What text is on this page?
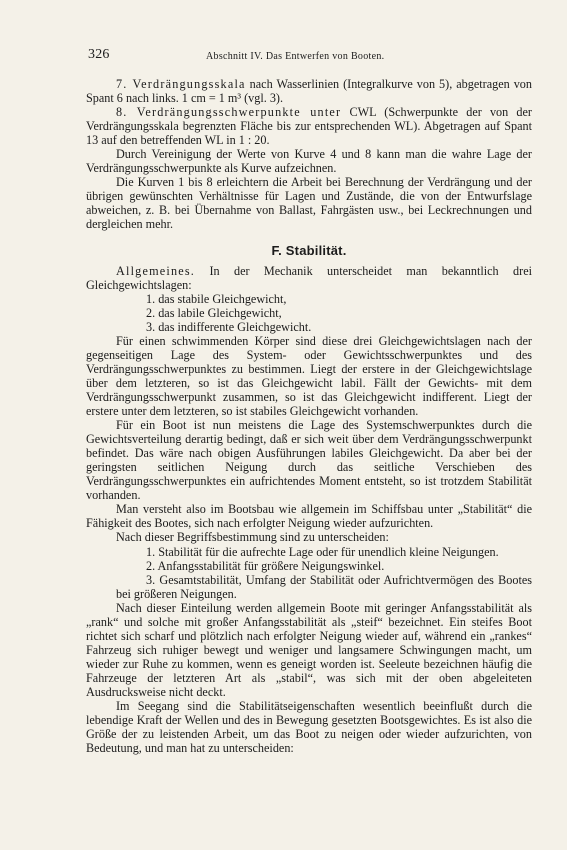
326	Abschnitt IV. Das Entwerfen von Booten.

7. Verdrängungsskala nach Wasserlinien (Integralkurve von 5), abgetragen von Spant 6 nach links. 1 cm = 1 m³ (vgl. 3).

8. Verdrängungsschwerpunkte unter CWL (Schwerpunkte der von der Verdrängungsskala begrenzten Fläche bis zur entsprechenden WL). Abgetragen auf Spant 13 auf den betreffenden WL in 1 : 20.

Durch Vereinigung der Werte von Kurve 4 und 8 kann man die wahre Lage der Verdrängungsschwerpunkte als Kurve aufzeichnen.

Die Kurven 1 bis 8 erleichtern die Arbeit bei Berechnung der Verdrängung und der übrigen gewünschten Verhältnisse für Lagen und Zustände, die von der Entwurfslage abweichen, z. B. bei Übernahme von Ballast, Fahrgästen usw., bei Leckrechnungen und dergleichen mehr.

F. Stabilität.

Allgemeines. In der Mechanik unterscheidet man bekanntlich drei Gleichgewichtslagen:

1. das stabile Gleichgewicht,

2. das labile Gleichgewicht,

3. das indifferente Gleichgewicht.

Für einen schwimmenden Körper sind diese drei Gleichgewichtslagen nach der gegenseitigen Lage des System- oder Gewichtsschwerpunktes und des Verdrängungsschwerpunktes zu bestimmen. Liegt der erstere in der Gleichgewichtslage über dem letzteren, so ist das Gleichgewicht labil. Fällt der Gewichts- mit dem Verdrängungsschwerpunkt zusammen, so ist das Gleichgewicht indifferent. Liegt der erstere unter dem letzteren, so ist stabiles Gleichgewicht vorhanden.

Für ein Boot ist nun meistens die Lage des Systemschwerpunktes durch die Gewichtsverteilung derartig bedingt, daß er sich weit über dem Verdrängungsschwerpunkt befindet. Das wäre nach obigen Ausführungen labiles Gleichgewicht. Da aber bei der geringsten seitlichen Neigung durch das seitliche Verschieben des Verdrängungsschwerpunktes ein aufrichtendes Moment entsteht, so ist trotzdem Stabilität vorhanden.

Man versteht also im Bootsbau wie allgemein im Schiffsbau unter „Stabilität“ die Fähigkeit des Bootes, sich nach erfolgter Neigung wieder aufzurichten.

Nach dieser Begriffsbestimmung sind zu unterscheiden:

1. Stabilität für die aufrechte Lage oder für unendlich kleine Neigungen.

2. Anfangsstabilität für größere Neigungswinkel.

3. Gesamtstabilität, Umfang der Stabilität oder Aufrichtvermögen des Bootes bei größeren Neigungen.

Nach dieser Einteilung werden allgemein Boote mit geringer Anfangsstabilität als „rank“ und solche mit großer Anfangsstabilität als „steif“ bezeichnet. Ein steifes Boot richtet sich scharf und plötzlich nach erfolgter Neigung wieder auf, während ein „rankes“ Fahrzeug sich ruhiger bewegt und weniger und langsamere Schwingungen macht, um wieder zur Ruhe zu kommen, wenn es geneigt worden ist. Seeleute bezeichnen häufig die Fahrzeuge der letzteren Art als „stabil“, was sich mit der oben abgeleiteten Ausdrucksweise nicht deckt.

Im Seegang sind die Stabilitätseigenschaften wesentlich beeinflußt durch die lebendige Kraft der Wellen und des in Bewegung gesetzten Bootsgewichtes. Es ist also die Größe der zu leistenden Arbeit, um das Boot zu neigen oder wieder aufzurichten, von Bedeutung, und man hat zu unterscheiden:
